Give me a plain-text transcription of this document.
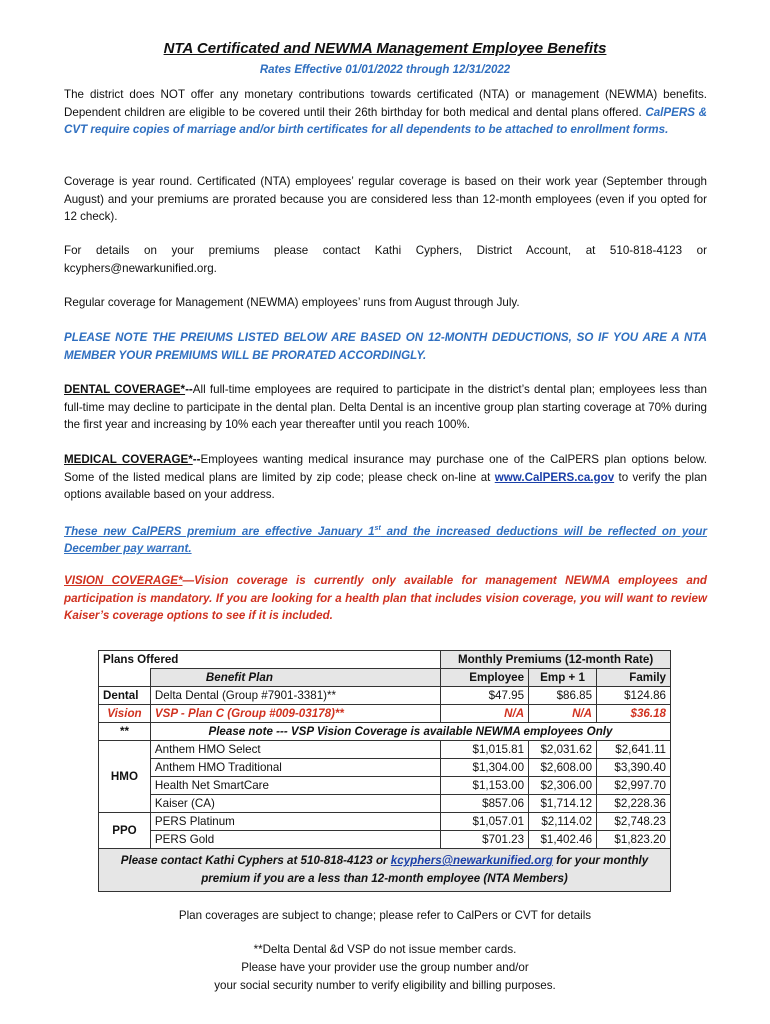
NTA Certificated and NEWMA Management Employee Benefits
Rates Effective 01/01/2022 through 12/31/2022
The district does NOT offer any monetary contributions towards certificated (NTA) or management (NEWMA) benefits. Dependent children are eligible to be covered until their 26th birthday for both medical and dental plans offered. CalPERS & CVT require copies of marriage and/or birth certificates for all dependents to be attached to enrollment forms.
Coverage is year round. Certificated (NTA) employees’ regular coverage is based on their work year (September through August) and your premiums are prorated because you are considered less than 12-month employees (even if you opted for 12 check).
For details on your premiums please contact Kathi Cyphers, District Account, at 510-818-4123 or kcyphers@newarkunified.org.
Regular coverage for Management (NEWMA) employees’ runs from August through July.
PLEASE NOTE THE PREIUMS LISTED BELOW ARE BASED ON 12-MONTH DEDUCTIONS, SO IF YOU ARE A NTA MEMBER YOUR PREMIUMS WILL BE PRORATED ACCORDINGLY.
DENTAL COVERAGE*--All full-time employees are required to participate in the district’s dental plan; employees less than full-time may decline to participate in the dental plan. Delta Dental is an incentive group plan starting coverage at 70% during the first year and increasing by 10% each year thereafter until you reach 100%.
MEDICAL COVERAGE*--Employees wanting medical insurance may purchase one of the CalPERS plan options below. Some of the listed medical plans are limited by zip code; please check on-line at www.CalPERS.ca.gov to verify the plan options available based on your address.
These new CalPERS premium are effective January 1st and the increased deductions will be reflected on your December pay warrant.
VISION COVERAGE*—Vision coverage is currently only available for management NEWMA employees and participation is mandatory. If you are looking for a health plan that includes vision coverage, you will want to review Kaiser’s coverage options to see if it is included.
Plans Offered		Monthly Premiums (12-month Rate)		
	Benefit Plan	Employee	Emp + 1	Family
Dental	Delta Dental (Group #7901-3381)**	$47.95	$86.85	$124.86
Vision	VSP - Plan C (Group #009-03178)**	N/A	N/A	$36.18
**	Please note --- VSP Vision Coverage is available NEWMA employees Only			
HMO	Anthem HMO Select	$1,015.81	$2,031.62	$2,641.11
	Anthem HMO Traditional	$1,304.00	$2,608.00	$3,390.40
	Health Net SmartCare	$1,153.00	$2,306.00	$2,997.70
	Kaiser (CA)	$857.06	$1,714.12	$2,228.36
PPO	PERS Platinum	$1,057.01	$2,114.02	$2,748.23
	PERS Gold	$701.23	$1,402.46	$1,823.20
Please contact Kathi Cyphers at 510-818-4123 or kcyphers@newarkunified.org for your monthly premium if you are a less than 12-month employee (NTA Members)				
Plan coverages are subject to change; please refer to CalPers or CVT for details
**Delta Dental &d VSP do not issue member cards.
Please have your provider use the group number and/or
your social security number to verify eligibility and billing purposes.
